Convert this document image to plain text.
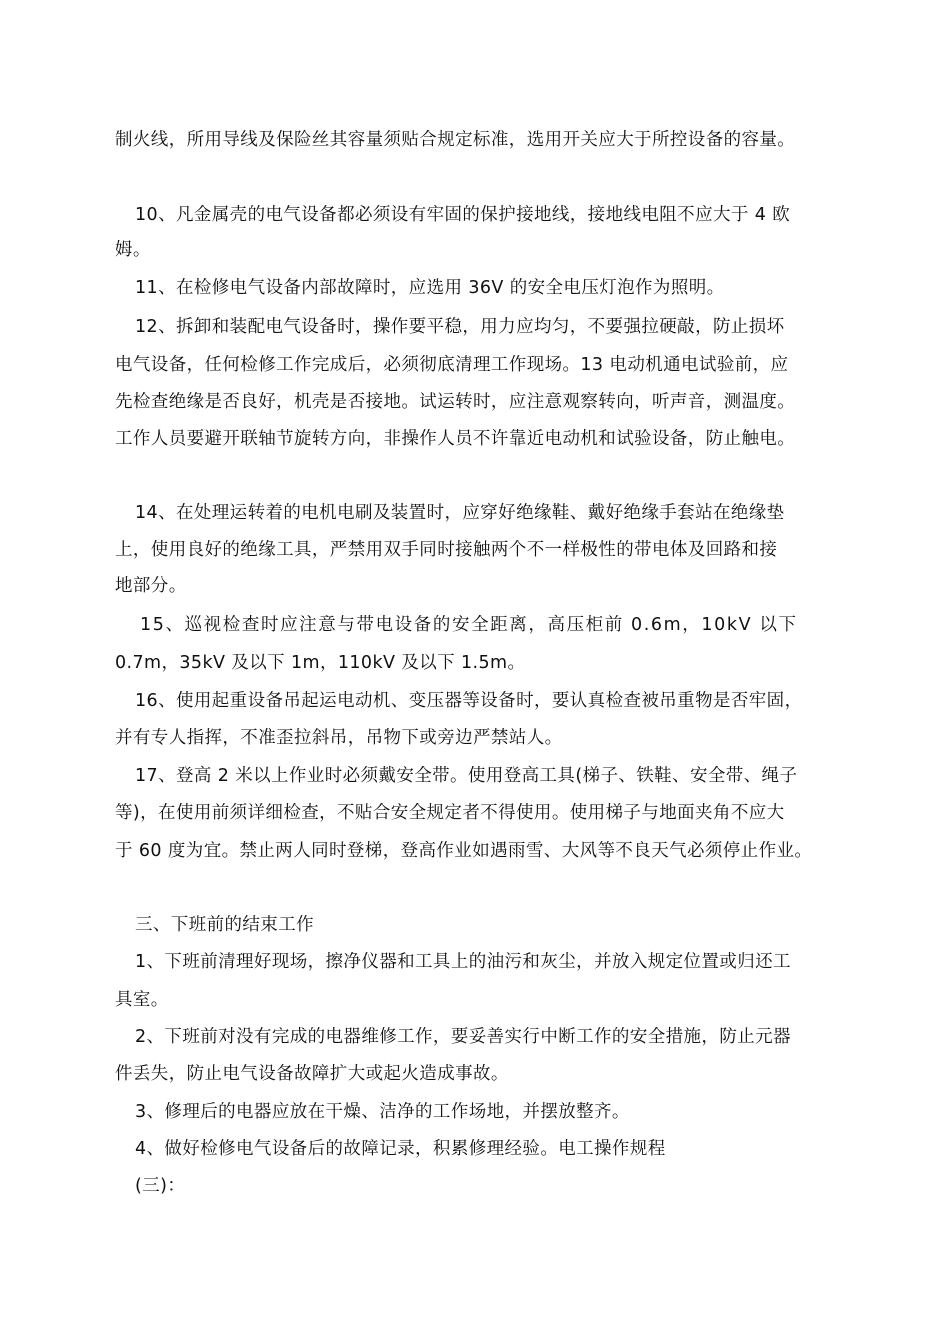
制火线，所用导线及保险丝其容量须贴合规定标准，选用开关应大于所控设备的容量。
10、凡金属壳的电气设备都必须设有牢固的保护接地线，接地线电阻不应大于 4 欧
姆。
11、在检修电气设备内部故障时，应选用 36V 的安全电压灯泡作为照明。
12、拆卸和装配电气设备时，操作要平稳，用力应均匀，不要强拉硬敲，防止损坏
电气设备，任何检修工作完成后，必须彻底清理工作现场。13 电动机通电试验前，应
先检查绝缘是否良好，机壳是否接地。试运转时，应注意观察转向，听声音，测温度。
工作人员要避开联轴节旋转方向，非操作人员不许靠近电动机和试验设备，防止触电。
14、在处理运转着的电机电刷及装置时，应穿好绝缘鞋、戴好绝缘手套站在绝缘垫
上，使用良好的绝缘工具，严禁用双手同时接触两个不一样极性的带电体及回路和接
地部分。
15、巡视检查时应注意与带电设备的安全距离，高压柜前 0.6m，10kV 以下
0.7m，35kV 及以下 1m，110kV 及以下 1.5m。
16、使用起重设备吊起运电动机、变压器等设备时，要认真检查被吊重物是否牢固，
并有专人指挥，不准歪拉斜吊，吊物下或旁边严禁站人。
17、登高 2 米以上作业时必须戴安全带。使用登高工具(梯子、铁鞋、安全带、绳子
等)，在使用前须详细检查，不贴合安全规定者不得使用。使用梯子与地面夹角不应大
于 60 度为宜。禁止两人同时登梯，登高作业如遇雨雪、大风等不良天气必须停止作业。
三、下班前的结束工作
1、下班前清理好现场，擦净仪器和工具上的油污和灰尘，并放入规定位置或归还工
具室。
2、下班前对没有完成的电器维修工作，要妥善实行中断工作的安全措施，防止元器
件丢失，防止电气设备故障扩大或起火造成事故。
3、修理后的电器应放在干燥、洁净的工作场地，并摆放整齐。
4、做好检修电气设备后的故障记录，积累修理经验。电工操作规程
(三)：
